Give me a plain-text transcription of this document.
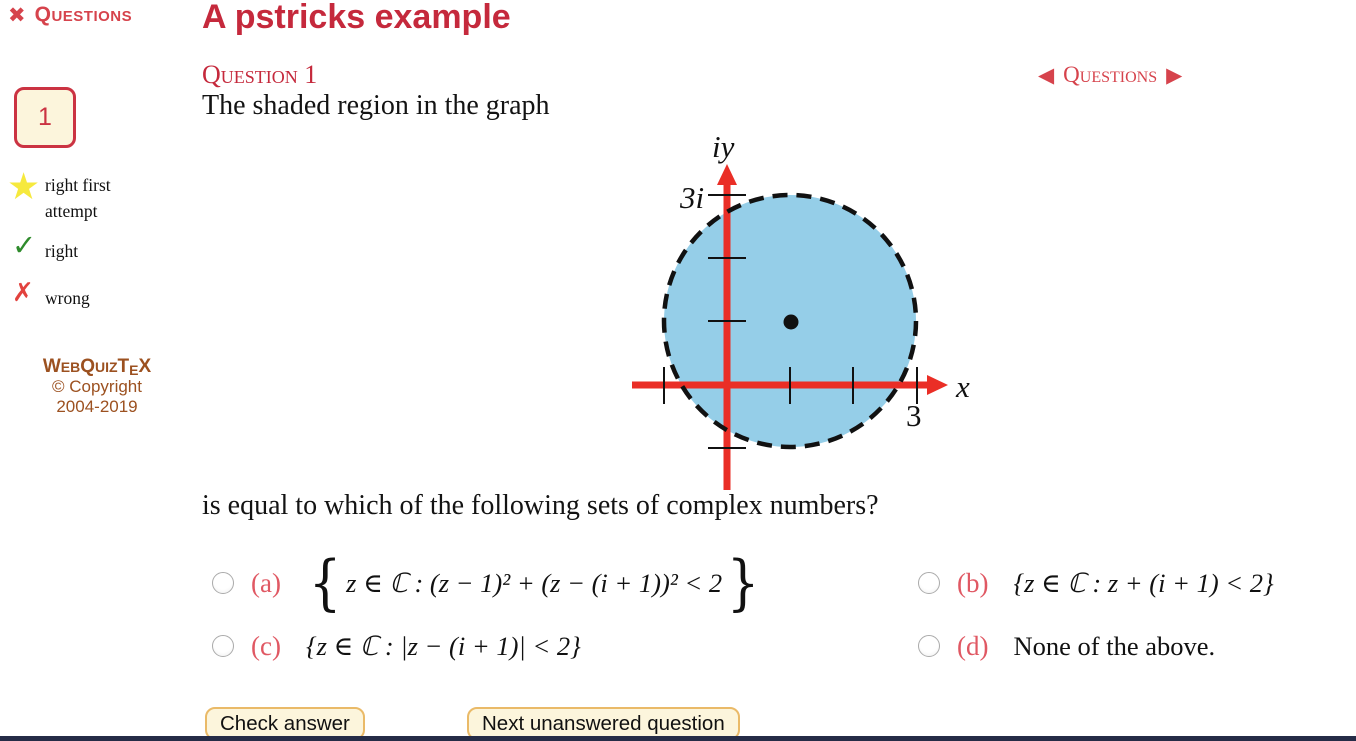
✖ Questions
1
★ right first attempt
✓ right
✗ wrong
WEBQUIZTEX
© Copyright
2004-2019
A pstricks example
Question 1	◀ Questions ▶
The shaded region in the graph
iy
3i
x
3
is equal to which of the following sets of complex numbers?
(a) { z ∈ ℂ : (z − 1)² + (z − (i + 1))² < 2 }	(b) {z ∈ ℂ : z + (i + 1) < 2}
(c) {z ∈ ℂ : |z − (i + 1)| < 2}	(d) None of the above.
Check answer	Next unanswered question
